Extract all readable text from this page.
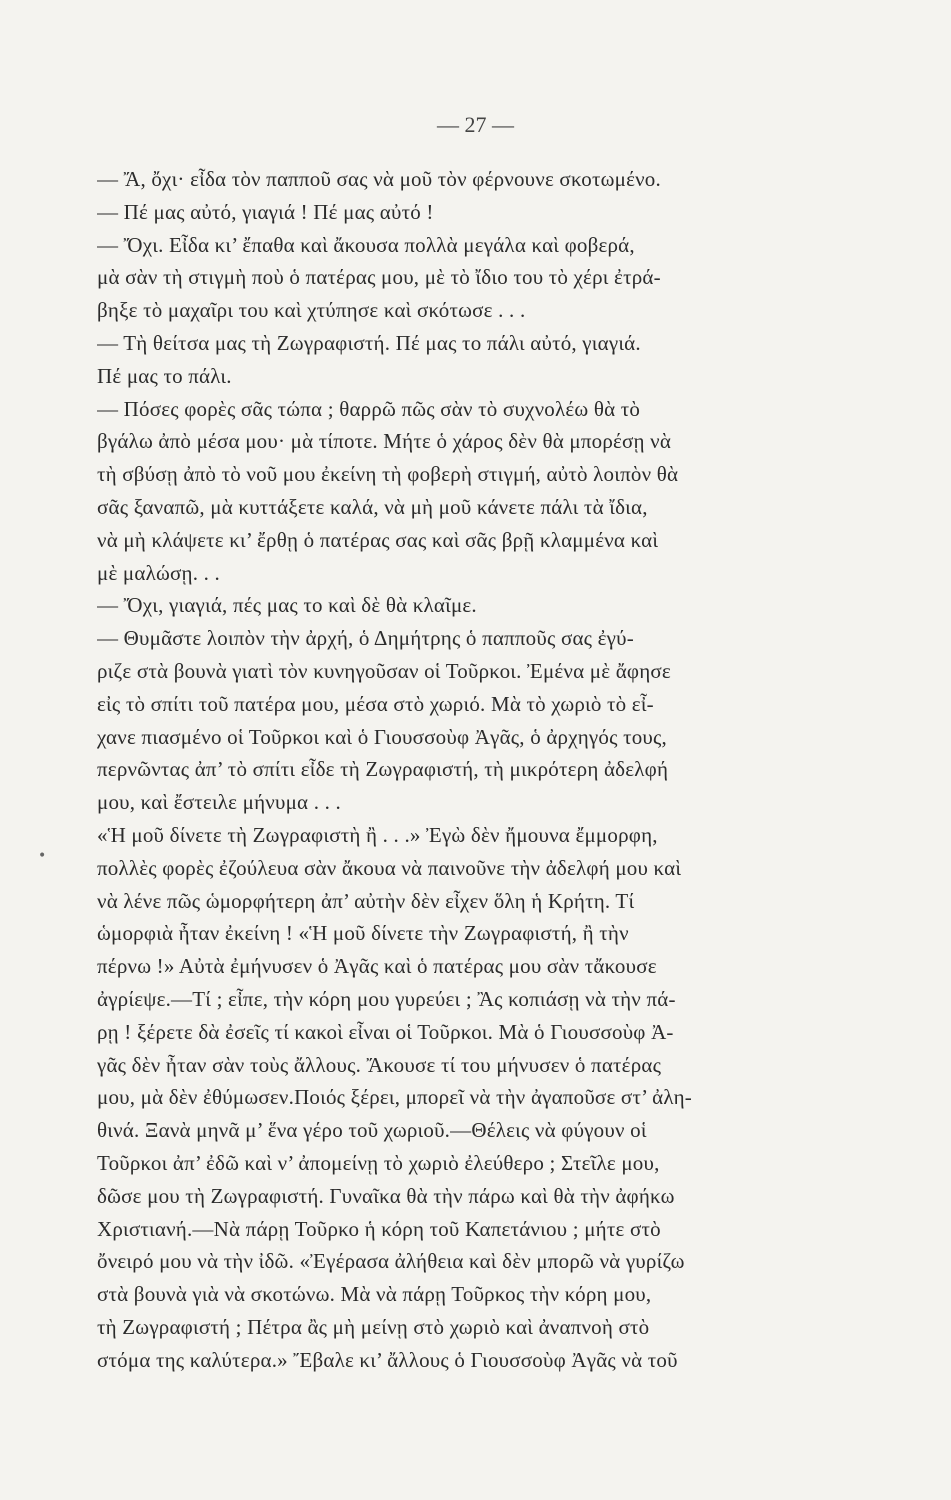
— 27 —
•
— Ἄ, ὄχι· εἶδα τὸν παπποῦ σας νὰ μοῦ τὸν φέρνουνε σκοτωμένο.
— Πέ μας αὐτό, γιαγιά ! Πέ μας αὐτό !
— Ὄχι. Εἶδα κι’ ἔπαθα καὶ ἄκουσα πολλὰ μεγάλα καὶ φοβερά,
μὰ σὰν τὴ στιγμὴ ποὺ ὁ πατέρας μου, μὲ τὸ ἴδιο του τὸ χέρι ἐτρά-
βηξε τὸ μαχαῖρι του καὶ χτύπησε καὶ σκότωσε . . .
— Τὴ θείτσα μας τὴ Ζωγραφιστή. Πέ μας το πάλι αὐτό, γιαγιά.
Πέ μας το πάλι.
— Πόσες φορὲς σᾶς τώπα ; θαρρῶ πῶς σὰν τὸ συχνολέω θὰ τὸ
βγάλω ἀπὸ μέσα μου· μὰ τίποτε. Μήτε ὁ χάρος δὲν θὰ μπορέσῃ νὰ
τὴ σβύσῃ ἀπὸ τὸ νοῦ μου ἐκείνη τὴ φοβερὴ στιγμή, αὐτὸ λοιπὸν θὰ
σᾶς ξαναπῶ, μὰ κυττάξετε καλά, νὰ μὴ μοῦ κάνετε πάλι τὰ ἴδια,
νὰ μὴ κλάψετε κι’ ἔρθῃ ὁ πατέρας σας καὶ σᾶς βρῇ κλαμμένα καὶ
μὲ μαλώσῃ. . .
— Ὄχι, γιαγιά, πές μας το καὶ δὲ θὰ κλαῖμε.
— Θυμᾶστε λοιπὸν τὴν ἀρχή, ὁ Δημήτρης ὁ παπποῦς σας ἐγύ-
ριζε στὰ βουνὰ γιατὶ τὸν κυνηγοῦσαν οἱ Τοῦρκοι. Ἐμένα μὲ ἄφησε
εἰς τὸ σπίτι τοῦ πατέρα μου, μέσα στὸ χωριό. Μὰ τὸ χωριὸ τὸ εἶ-
χανε πιασμένο οἱ Τοῦρκοι καὶ ὁ Γιουσσοὺφ Ἀγᾶς, ὁ ἀρχηγός τους,
περνῶντας ἀπ’ τὸ σπίτι εἶδε τὴ Ζωγραφιστή, τὴ μικρότερη ἀδελφή
μου, καὶ ἔστειλε μήνυμα . . .
«Ἡ μοῦ δίνετε τὴ Ζωγραφιστὴ ἢ . . .» Ἐγὼ δὲν ἤμουνα ἔμμορφη,
πολλὲς φορὲς ἐζούλευα σὰν ἄκουα νὰ παινοῦνε τὴν ἀδελφή μου καὶ
νὰ λένε πῶς ὡμορφήτερη ἀπ’ αὐτὴν δὲν εἶχεν ὅλη ἡ Κρήτη. Τί
ὡμορφιὰ ἦταν ἐκείνη ! «Ἡ μοῦ δίνετε τὴν Ζωγραφιστή, ἢ τὴν
πέρνω !» Αὐτὰ ἐμήνυσεν ὁ Ἀγᾶς καὶ ὁ πατέρας μου σὰν τἄκουσε
ἀγρίεψε.—Τί ; εἶπε, τὴν κόρη μου γυρεύει ; Ἂς κοπιάσῃ νὰ τὴν πά-
ρῃ ! ξέρετε δὰ ἐσεῖς τί κακοὶ εἶναι οἱ Τοῦρκοι. Μὰ ὁ Γιουσσοὺφ Ἀ-
γᾶς δὲν ἦταν σὰν τοὺς ἄλλους. Ἄκουσε τί του μήνυσεν ὁ πατέρας
μου, μὰ δὲν ἐθύμωσεν.Ποιός ξέρει, μπορεῖ νὰ τὴν ἀγαποῦσε στ’ ἀλη-
θινά. Ξανὰ μηνᾶ μ’ ἕνα γέρο τοῦ χωριοῦ.—Θέλεις νὰ φύγουν οἱ
Τοῦρκοι ἀπ’ ἐδῶ καὶ ν’ ἀπομείνῃ τὸ χωριὸ ἐλεύθερο ; Στεῖλε μου,
δῶσε μου τὴ Ζωγραφιστή. Γυναῖκα θὰ τὴν πάρω καὶ θὰ τὴν ἀφήκω
Χριστιανή.—Νὰ πάρῃ Τοῦρκο ἡ κόρη τοῦ Καπετάνιου ; μήτε στὸ
ὄνειρό μου νὰ τὴν ἰδῶ. «Ἐγέρασα ἀλήθεια καὶ δὲν μπορῶ νὰ γυρίζω
στὰ βουνὰ γιὰ νὰ σκοτώνω. Μὰ νὰ πάρῃ Τοῦρκος τὴν κόρη μου,
τὴ Ζωγραφιστή ; Πέτρα ἂς μὴ μείνῃ στὸ χωριὸ καὶ ἀναπνοὴ στὸ
στόμα της καλύτερα.» Ἔβαλε κι’ ἄλλους ὁ Γιουσσοὺφ Ἀγᾶς νὰ τοῦ
